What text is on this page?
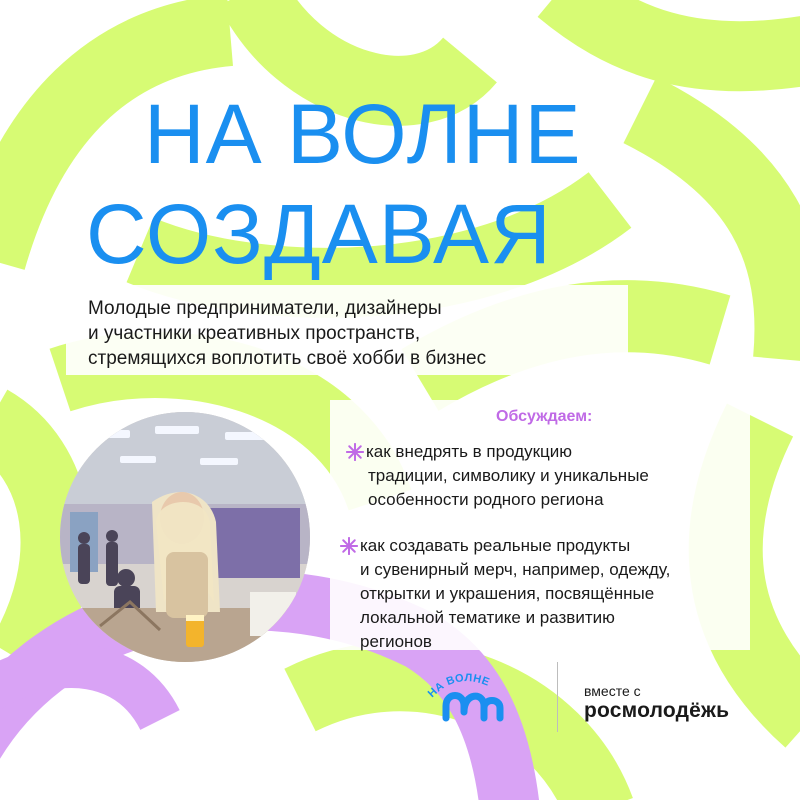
НА ВОЛНЕ
СОЗДАВАЯ

Молодые предприниматели, дизайнеры
и участники креативных пространств,
стремящихся воплотить своё хобби в бизнес

Обсуждаем:
как внедрять в продукцию
традиции, символику и уникальные
особенности родного региона
как создавать реальные продукты
и сувенирный мерч, например, одежду,
открытки и украшения, посвящённые
локальной тематике и развитию
регионов
НА ВОЛНЕ
вместе с
росмолодёжь
